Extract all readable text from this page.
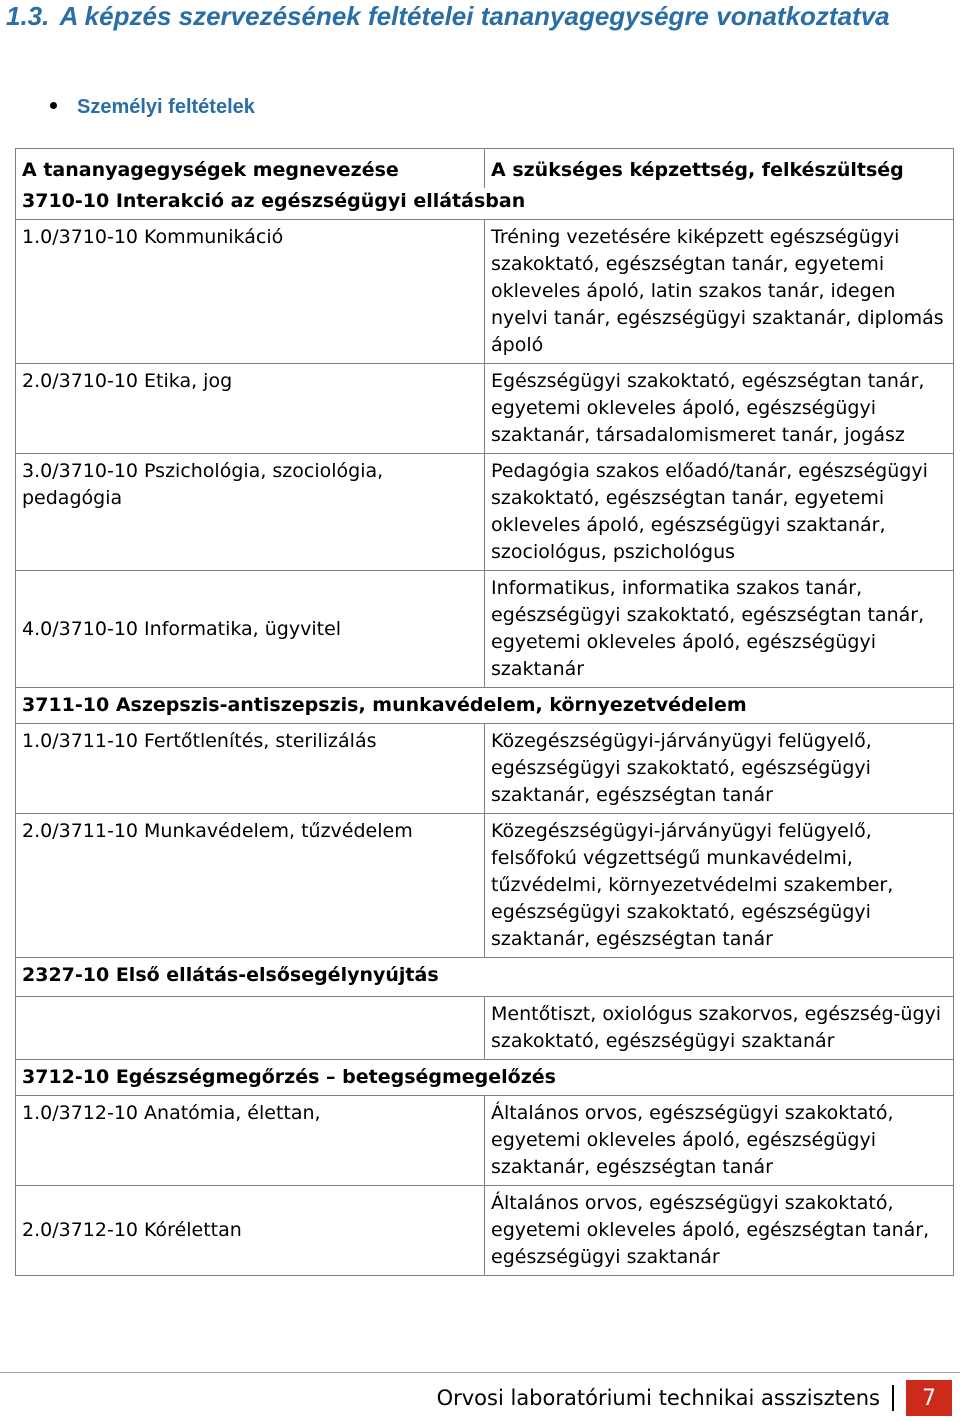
1.3. A képzés szervezésének feltételei tananyagegységre vonatkoztatva
Személyi feltételek
A tananyagegységek megnevezése	A szükséges képzettség, felkészültség
3710-10 Interakció az egészségügyi ellátásban	
1.0/3710-10 Kommunikáció	Tréning vezetésére kiképzett egészségügyi szakoktató, egészségtan tanár, egyetemi okleveles ápoló, latin szakos tanár, idegen nyelvi tanár, egészségügyi szaktanár, diplomás ápoló
2.0/3710-10 Etika, jog	Egészségügyi szakoktató, egészségtan tanár, egyetemi okleveles ápoló, egészségügyi szaktanár, társadalomismeret tanár, jogász
3.0/3710-10 Pszichológia, szociológia, pedagógia	Pedagógia szakos előadó/tanár, egészségügyi szakoktató, egészségtan tanár, egyetemi okleveles ápoló, egészségügyi szaktanár, szociológus, pszichológus
4.0/3710-10 Informatika, ügyvitel	Informatikus, informatika szakos tanár, egészségügyi szakoktató, egészségtan tanár, egyetemi okleveles ápoló, egészségügyi szaktanár
3711-10 Aszepszis-antiszepszis, munkavédelem, környezetvédelem	
1.0/3711-10 Fertőtlenítés, sterilizálás	Közegészségügyi-járványügyi felügyelő, egészségügyi szakoktató, egészségügyi szaktanár, egészségtan tanár
2.0/3711-10 Munkavédelem, tűzvédelem	Közegészségügyi-járványügyi felügyelő, felsőfokú végzettségű munkavédelmi, tűzvédelmi, környezetvédelmi szakember, egészségügyi szakoktató, egészségügyi szaktanár, egészségtan tanár
2327-10 Első ellátás-elsősegélynyújtás	
	Mentőtiszt, oxiológus szakorvos, egészség-ügyi szakoktató, egészségügyi szaktanár
3712-10 Egészségmegőrzés – betegségmegelőzés	
1.0/3712-10 Anatómia, élettan,	Általános orvos, egészségügyi szakoktató, egyetemi okleveles ápoló, egészségügyi szaktanár, egészségtan tanár
2.0/3712-10 Kórélettan	Általános orvos, egészségügyi szakoktató, egyetemi okleveles ápoló, egészségtan tanár, egészségügyi szaktanár
Orvosi laboratóriumi technikai asszisztens	7
